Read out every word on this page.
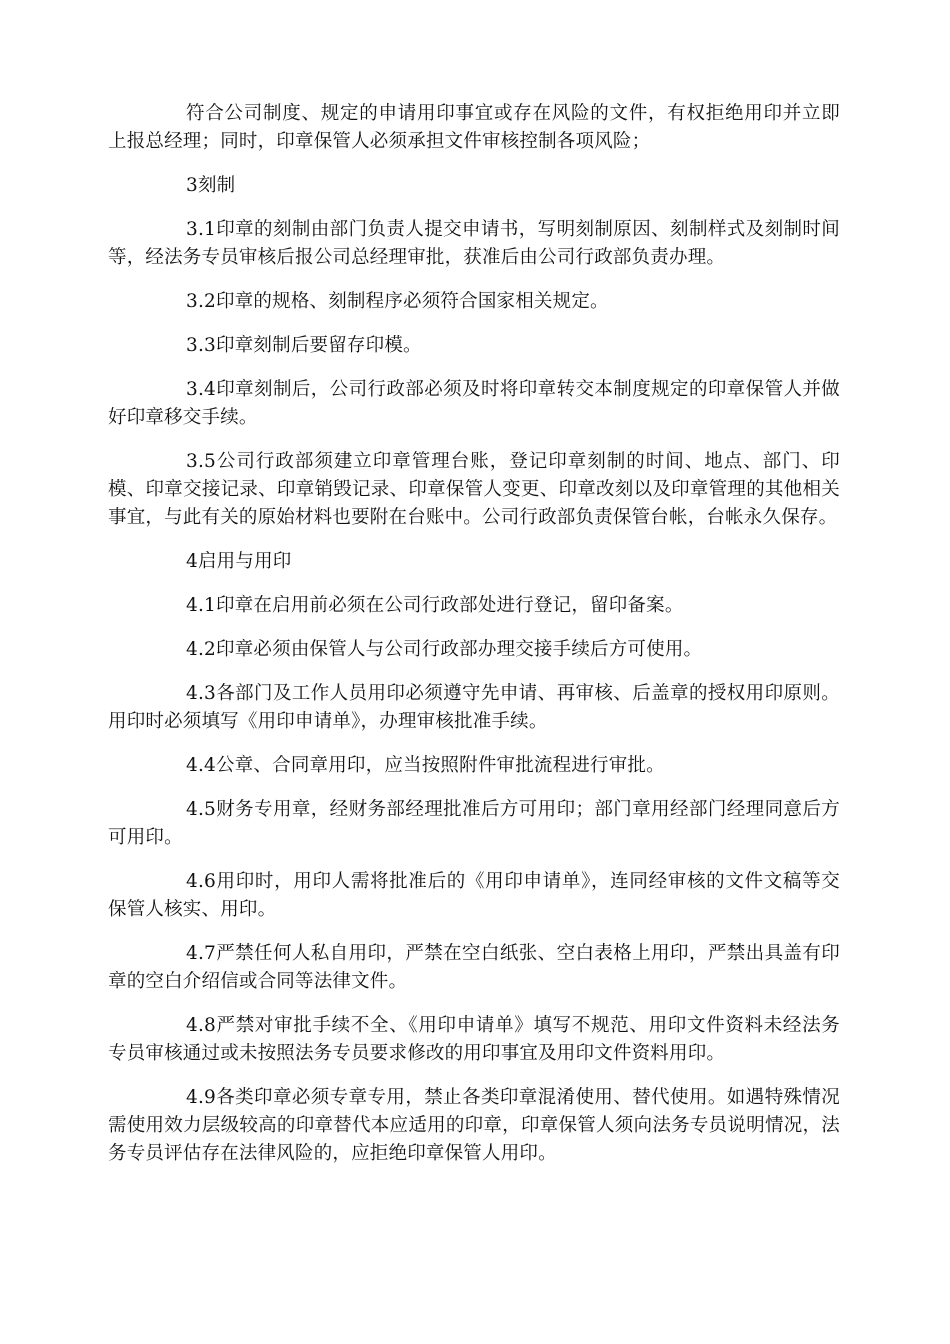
符合公司制度、规定的申请用印事宜或存在风险的文件，有权拒绝用印并立即上报总经理；同时，印章保管人必须承担文件审核控制各项风险；

3刻制

3.1印章的刻制由部门负责人提交申请书，写明刻制原因、刻制样式及刻制时间等，经法务专员审核后报公司总经理审批，获准后由公司行政部负责办理。

3.2印章的规格、刻制程序必须符合国家相关规定。

3.3印章刻制后要留存印模。

3.4印章刻制后，公司行政部必须及时将印章转交本制度规定的印章保管人并做好印章移交手续。

3.5公司行政部须建立印章管理台账，登记印章刻制的时间、地点、部门、印模、印章交接记录、印章销毁记录、印章保管人变更、印章改刻以及印章管理的其他相关事宜，与此有关的原始材料也要附在台账中。公司行政部负责保管台帐，台帐永久保存。

4启用与用印

4.1印章在启用前必须在公司行政部处进行登记，留印备案。

4.2印章必须由保管人与公司行政部办理交接手续后方可使用。

4.3各部门及工作人员用印必须遵守先申请、再审核、后盖章的授权用印原则。用印时必须填写《用印申请单》，办理审核批准手续。

4.4公章、合同章用印，应当按照附件审批流程进行审批。

4.5财务专用章，经财务部经理批准后方可用印；部门章用经部门经理同意后方可用印。

4.6用印时，用印人需将批准后的《用印申请单》，连同经审核的文件文稿等交保管人核实、用印。

4.7严禁任何人私自用印，严禁在空白纸张、空白表格上用印，严禁出具盖有印章的空白介绍信或合同等法律文件。

4.8严禁对审批手续不全、《用印申请单》填写不规范、用印文件资料未经法务专员审核通过或未按照法务专员要求修改的用印事宜及用印文件资料用印。

4.9各类印章必须专章专用，禁止各类印章混淆使用、替代使用。如遇特殊情况需使用效力层级较高的印章替代本应适用的印章，印章保管人须向法务专员说明情况，法务专员评估存在法律风险的，应拒绝印章保管人用印。
